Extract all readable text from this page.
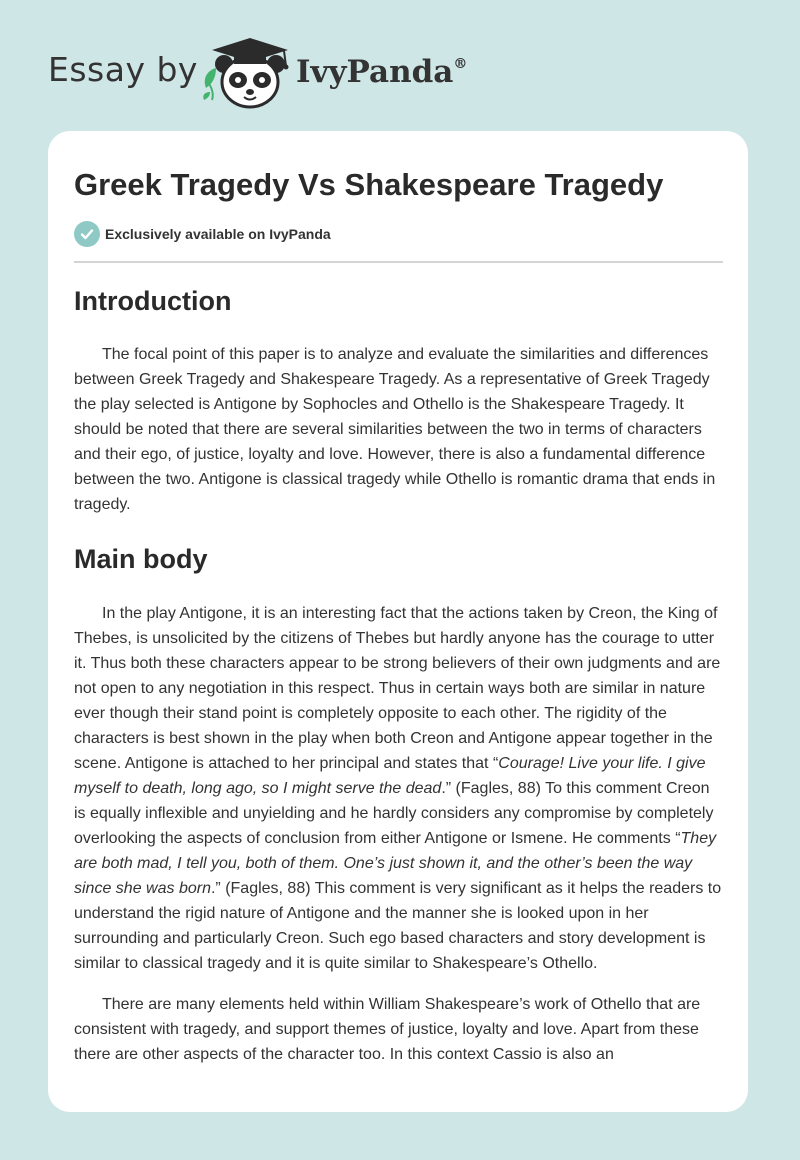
Essay by	IvyPanda®
Greek Tragedy Vs Shakespeare Tragedy
Exclusively available on IvyPanda
Introduction

The focal point of this paper is to analyze and evaluate the similarities and differences between Greek Tragedy and Shakespeare Tragedy. As a representative of Greek Tragedy the play selected is Antigone by Sophocles and Othello is the Shakespeare Tragedy. It should be noted that there are several similarities between the two in terms of characters and their ego, of justice, loyalty and love. However, there is also a fundamental difference between the two. Antigone is classical tragedy while Othello is romantic drama that ends in tragedy.

Main body

In the play Antigone, it is an interesting fact that the actions taken by Creon, the King of Thebes, is unsolicited by the citizens of Thebes but hardly anyone has the courage to utter it. Thus both these characters appear to be strong believers of their own judgments and are not open to any negotiation in this respect. Thus in certain ways both are similar in nature ever though their stand point is completely opposite to each other. The rigidity of the characters is best shown in the play when both Creon and Antigone appear together in the scene. Antigone is attached to her principal and states that “Courage! Live your life. I give myself to death, long ago, so I might serve the dead.” (Fagles, 88) To this comment Creon is equally inflexible and unyielding and he hardly considers any compromise by completely overlooking the aspects of conclusion from either Antigone or Ismene. He comments “They are both mad, I tell you, both of them. One’s just shown it, and the other’s been the way since she was born.” (Fagles, 88) This comment is very significant as it helps the readers to understand the rigid nature of Antigone and the manner she is looked upon in her surrounding and particularly Creon. Such ego based characters and story development is similar to classical tragedy and it is quite similar to Shakespeare’s Othello.

There are many elements held within William Shakespeare’s work of Othello that are consistent with tragedy, and support themes of justice, loyalty and love. Apart from these there are other aspects of the character too. In this context Cassio is also an
